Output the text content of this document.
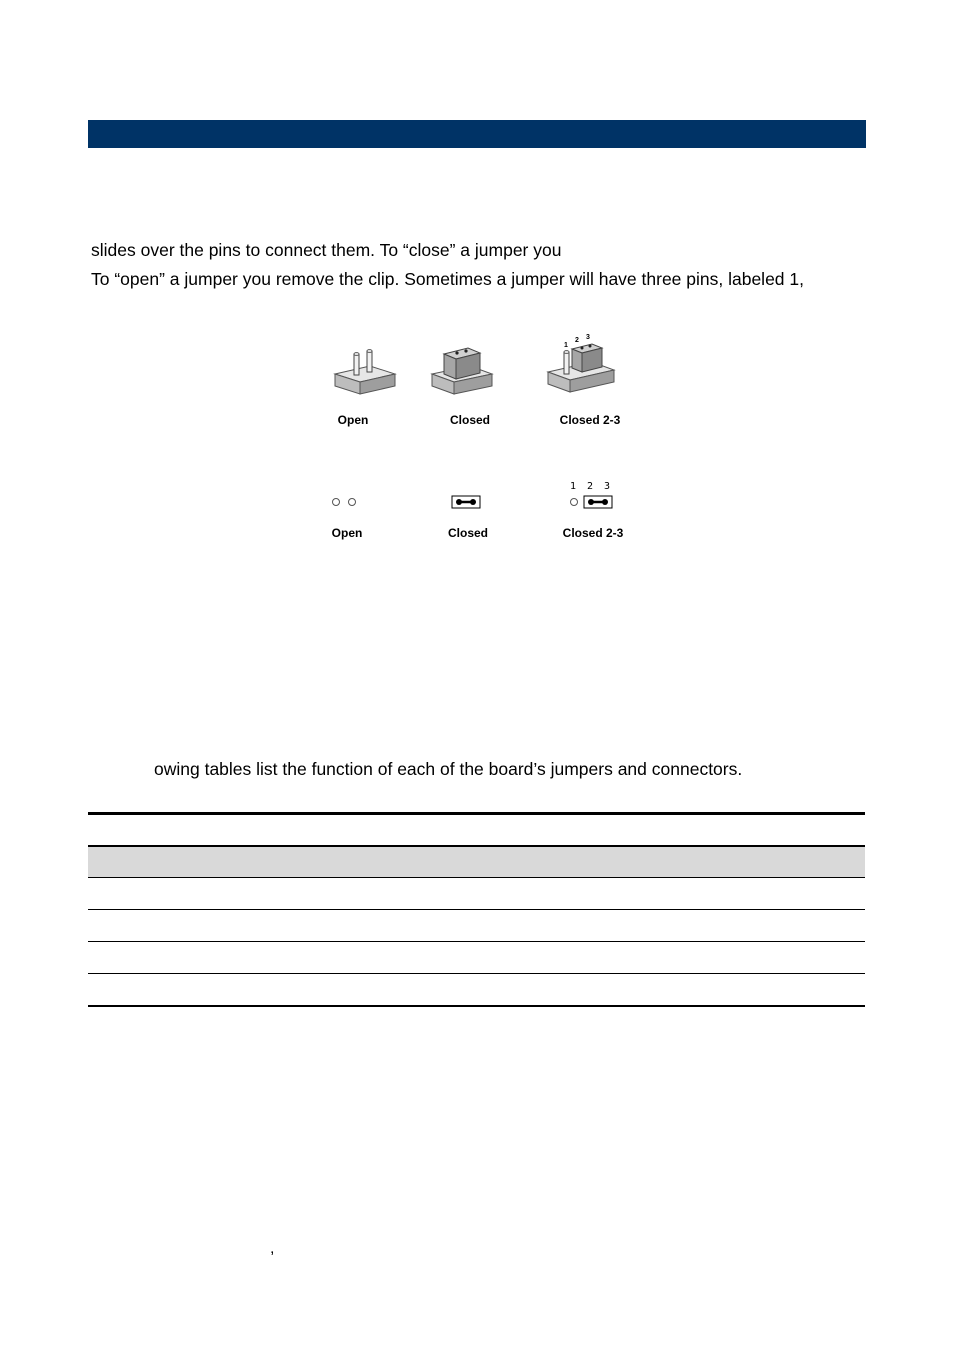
slides over the pins to connect them. To “close” a jumper you
To “open” a jumper you remove the clip. Sometimes a jumper will have three pins, labeled 1,
1
2 3
Open	Closed	Closed 2-3
1 2 3
Open	Closed	Closed 2-3
owing tables list the function of each of the board’s jumpers and connectors.
,
